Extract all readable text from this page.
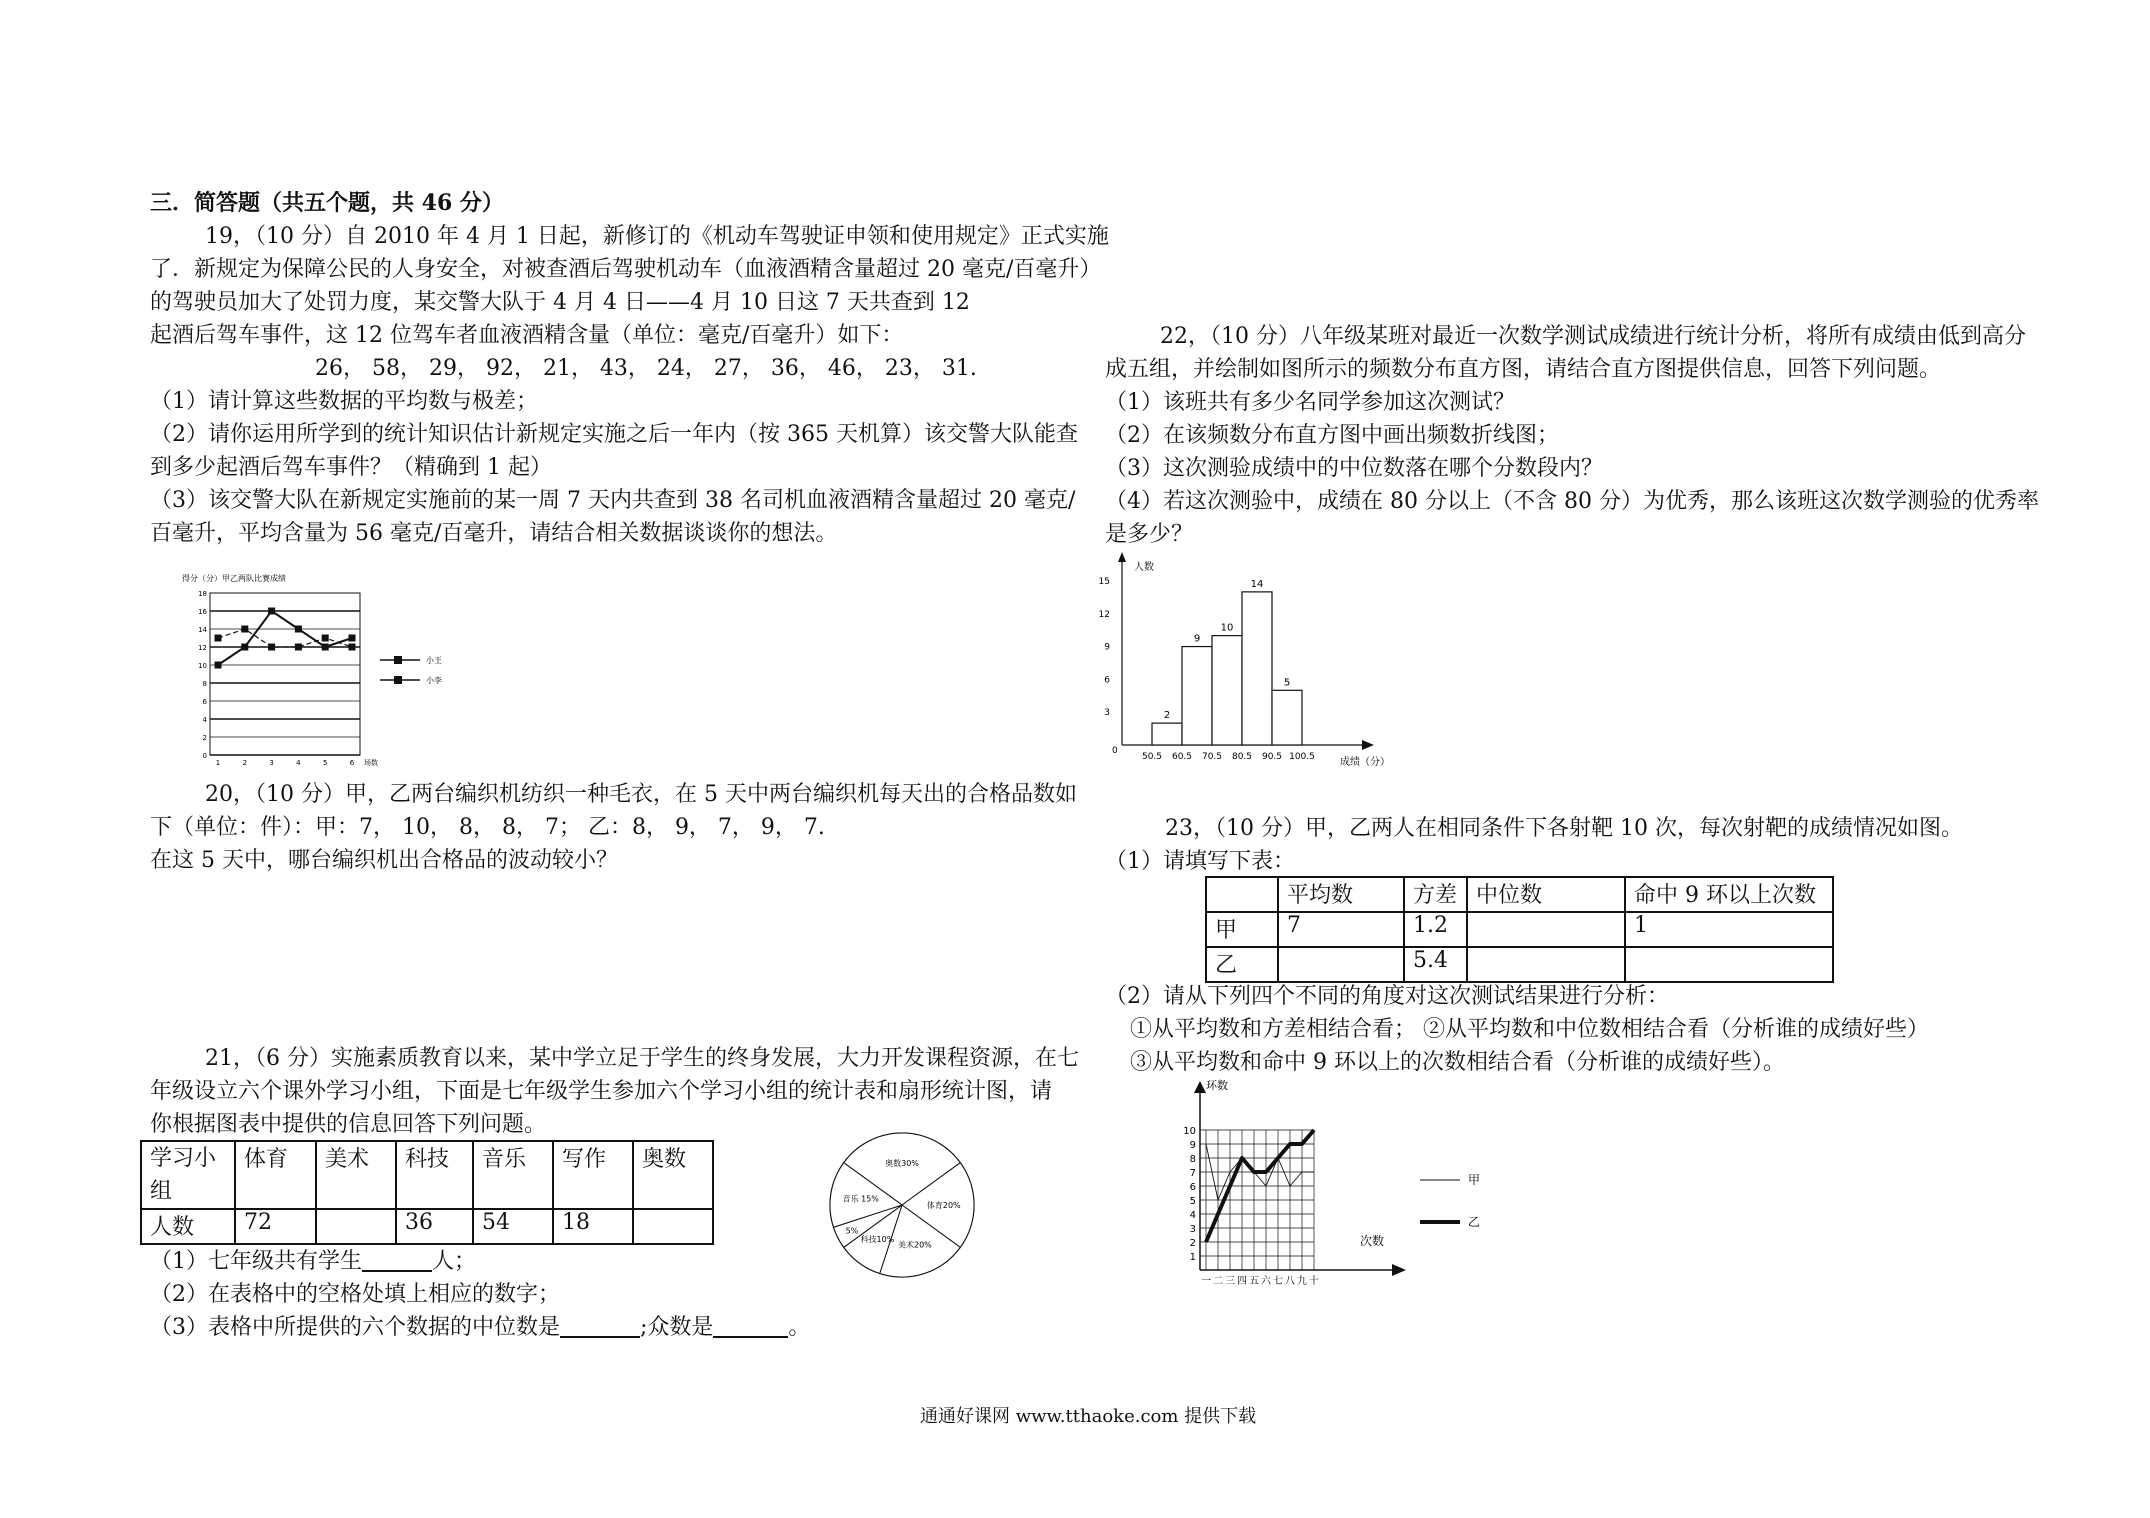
三．简答题（共五个题，共 46 分）
19，（10 分）自 2010 年 4 月 1 日起，新修订的《机动车驾驶证申领和使用规定》正式实施
了．新规定为保障公民的人身安全，对被查酒后驾驶机动车（血液酒精含量超过 20 毫克/百毫升）
的驾驶员加大了处罚力度，某交警大队于 4 月 4 日——4 月 10 日这 7 天共查到 12
起酒后驾车事件，这 12 位驾车者血液酒精含量（单位：毫克/百毫升）如下：
26， 58， 29， 92， 21， 43， 24， 27， 36， 46， 23， 31.
（1）请计算这些数据的平均数与极差；
（2）请你运用所学到的统计知识估计新规定实施之后一年内（按 365 天机算）该交警大队能查
到多少起酒后驾车事件？（精确到 1 起）
（3）该交警大队在新规定实施前的某一周 7 天内共查到 38 名司机血液酒精含量超过 20 毫克/
百毫升，平均含量为 56 毫克/百毫升，请结合相关数据谈谈你的想法。
得分（分）甲乙两队比赛成绩
0
2
4
6
8
10
12
14
16
18
1	2	3	4	5	6 场数
小王
小李
20，（10 分）甲，乙两台编织机纺织一种毛衣，在 5 天中两台编织机每天出的合格品数如
下（单位：件）：甲：7， 10， 8， 8， 7； 乙：8， 9， 7， 9， 7.
在这 5 天中，哪台编织机出合格品的波动较小？
21，（6 分）实施素质教育以来，某中学立足于学生的终身发展，大力开发课程资源，在七
年级设立六个课外学习小组，下面是七年级学生参加六个学习小组的统计表和扇形统计图，请
你根据图表中提供的信息回答下列问题。
学习小组	体育	美术	科技	音乐	写作	奥数
人数	72		36	54	18	
奥数30%
体育20%
美术20%
科技10%
5%
音乐 15%
（1）七年级共有学生	人；
（2）在表格中的空格处填上相应的数字；
（3）表格中所提供的六个数据的中位数是	;众数是	。
22，（10 分）八年级某班对最近一次数学测试成绩进行统计分析，将所有成绩由低到高分
成五组，并绘制如图所示的频数分布直方图，请结合直方图提供信息，回答下列问题。
（1）该班共有多少名同学参加这次测试？
（2）在该频数分布直方图中画出频数折线图；
（3）这次测验成绩中的中位数落在哪个分数段内？
（4）若这次测验中，成绩在 80 分以上（不含 80 分）为优秀，那么该班这次数学测验的优秀率
是多少？
人数
成绩（分）
0
3
6
9
12
15
50.5 60.5 70.5 80.5 90.5 100.5
2
9
10
14
5
23，（10 分）甲，乙两人在相同条件下各射靶 10 次，每次射靶的成绩情况如图。
（1）请填写下表：
	平均数	方差	中位数	命中 9 环以上次数
甲	7	1.2		1
乙		5.4		
（2）请从下列四个不同的角度对这次测试结果进行分析：
①从平均数和方差相结合看； ②从平均数和中位数相结合看（分析谁的成绩好些）
③从平均数和命中 9 环以上的次数相结合看（分析谁的成绩好些）。
环数
次数
1
2
3
4
5
6
7
8
9
10
一 二 三 四 五 六 七 八 九 十
甲
乙
通通好课网 www.tthaoke.com 提供下载
